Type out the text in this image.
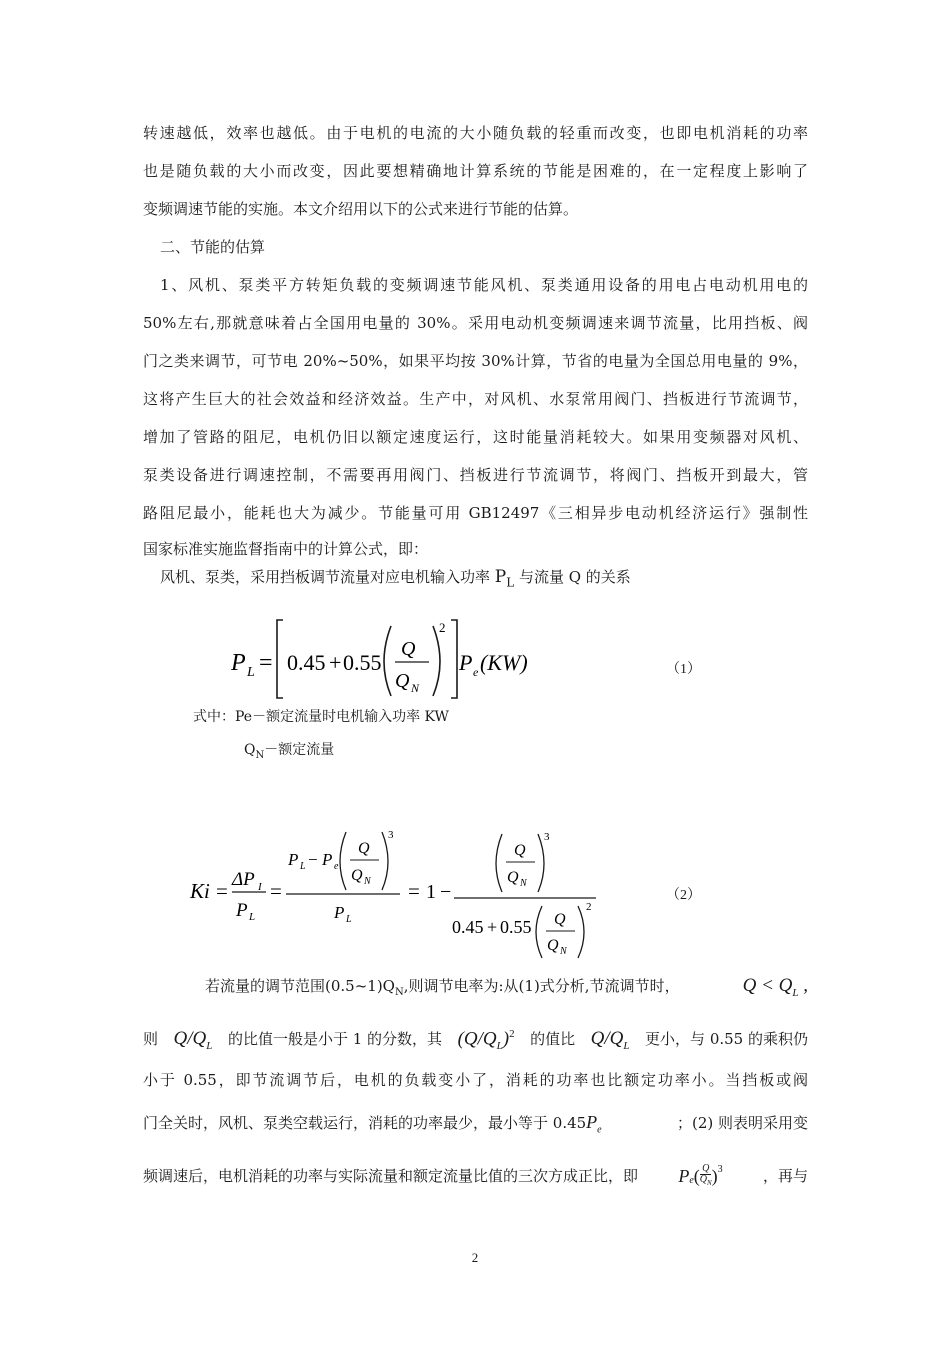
转速越低，效率也越低。由于电机的电流的大小随负载的轻重而改变，也即电机消耗的功率
也是随负载的大小而改变，因此要想精确地计算系统的节能是困难的，在一定程度上影响了
变频调速节能的实施。本文介绍用以下的公式来进行节能的估算。
二、节能的估算
1、风机、泵类平方转矩负载的变频调速节能风机、泵类通用设备的用电占电动机用电的
50%左右,那就意味着占全国用电量的 30%。采用电动机变频调速来调节流量，比用挡板、阀
门之类来调节，可节电 20%~50%，如果平均按 30%计算，节省的电量为全国总用电量的 9%，
这将产生巨大的社会效益和经济效益。生产中，对风机、水泵常用阀门、挡板进行节流调节，
增加了管路的阻尼，电机仍旧以额定速度运行，这时能量消耗较大。如果用变频器对风机、
泵类设备进行调速控制，不需要再用阀门、挡板进行节流调节，将阀门、挡板开到最大，管
路阻尼最小，能耗也大为减少。节能量可用 GB12497《三相异步电动机经济运行》强制性
国家标准实施监督指南中的计算公式，即：
风机、泵类，采用挡板调节流量对应电机输入功率 $P_L$ 与流量 Q 的关系
P L = 0.45 + 0.55
Q
Q N
2
P e (KW)	（1）
式中：Pe－额定流量时电机输入功率 KW
$Q_N-$额定流量
Ki = ΔP I
P L
=
P L − P e
Q
Q N
3
P L
= 1 −
Q
Q N
3
0.45 + 0.55 Q
Q N
2
（2）
若流量的调节范围$(0.5\sim 1)Q_N$,则调节电率为:从(1)式分析,节流调节时，	$Q < Q_L$ ,
则 $Q/Q_L$ 的比值一般是小于 1 的分数，其 $(Q/Q_L)^2$ 的值比 $Q/Q_L$ 更小，与 0.55 的乘积仍
小于 0.55，即节流调节后，电机的负载变小了，消耗的功率也比额定功率小。当挡板或阀
门全关时，风机、泵类空载运行，消耗的功率最少，最小等于 $0.45P_e$	；(2) 则表明采用变
频调速后，电机消耗的功率与实际流量和额定流量比值的三次方成正比，即 $P_e$ ( Q
$Q_N$ )$^3$	，再与
2
